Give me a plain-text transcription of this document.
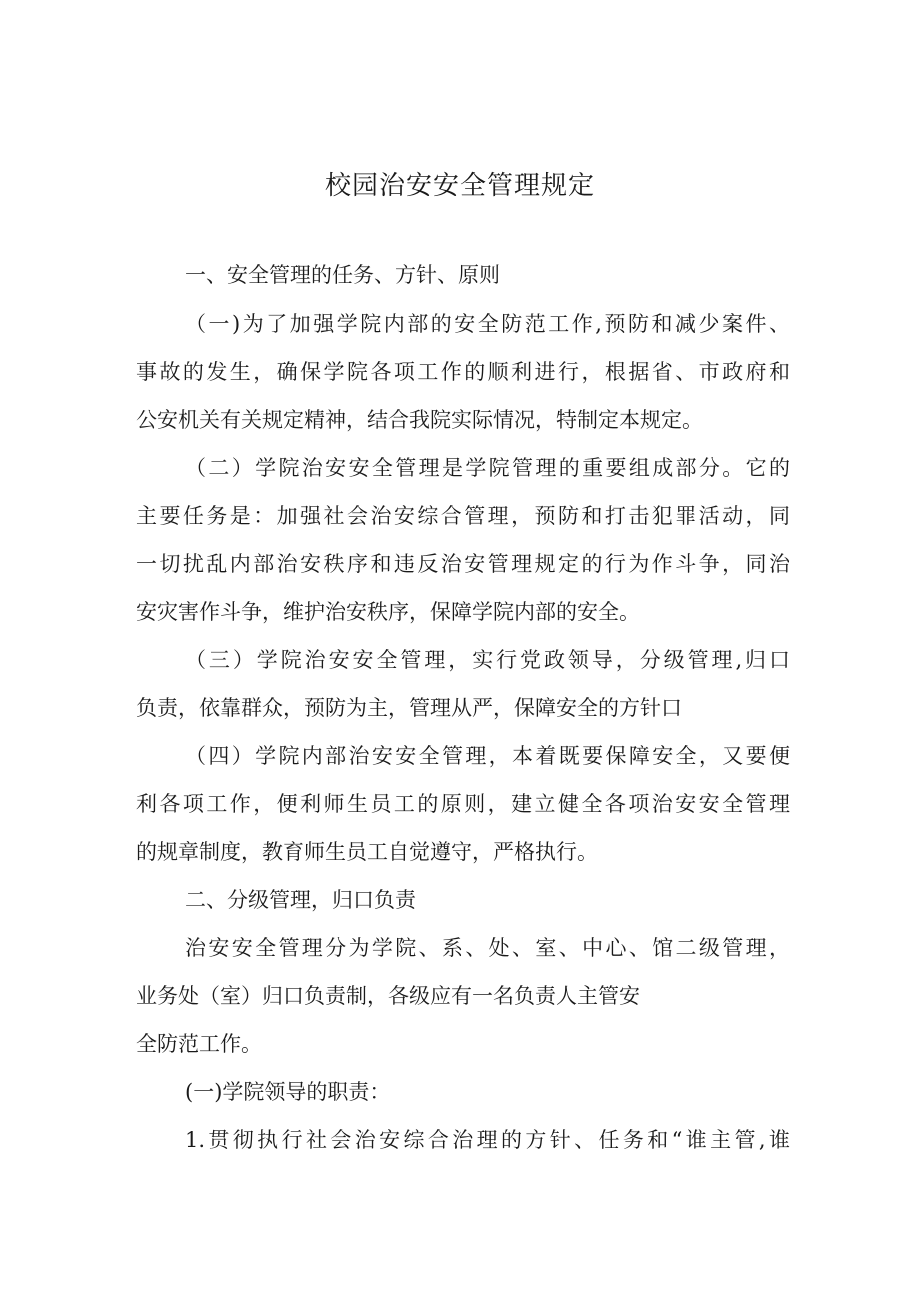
校园治安安全管理规定

一、安全管理的任务、方针、原则

（一)为了加强学院内部的安全防范工作,预防和减少案件、

事故的发生，确保学院各项工作的顺利进行，根据省、市政府和

公安机关有关规定精神，结合我院实际情况，特制定本规定。

（二）学院治安安全管理是学院管理的重要组成部分。它的

主要任务是：加强社会治安综合管理，预防和打击犯罪活动，同

一切扰乱内部治安秩序和违反治安管理规定的行为作斗争，同治

安灾害作斗争，维护治安秩序，保障学院内部的安全。

（三）学院治安安全管理，实行党政领导，分级管理,归口

负责，依靠群众，预防为主，管理从严，保障安全的方针口

（四）学院内部治安安全管理，本着既要保障安全，又要便

利各项工作，便利师生员工的原则，建立健全各项治安安全管理

的规章制度，教育师生员工自觉遵守，严格执行。

二、分级管理，归口负责

治安安全管理分为学院、系、处、室、中心、馆二级管理，

业务处（室）归口负责制，各级应有一名负责人主管安

全防范工作。

(一)学院领导的职责：

1.贯彻执行社会治安综合治理的方针、任务和“谁主管,谁
